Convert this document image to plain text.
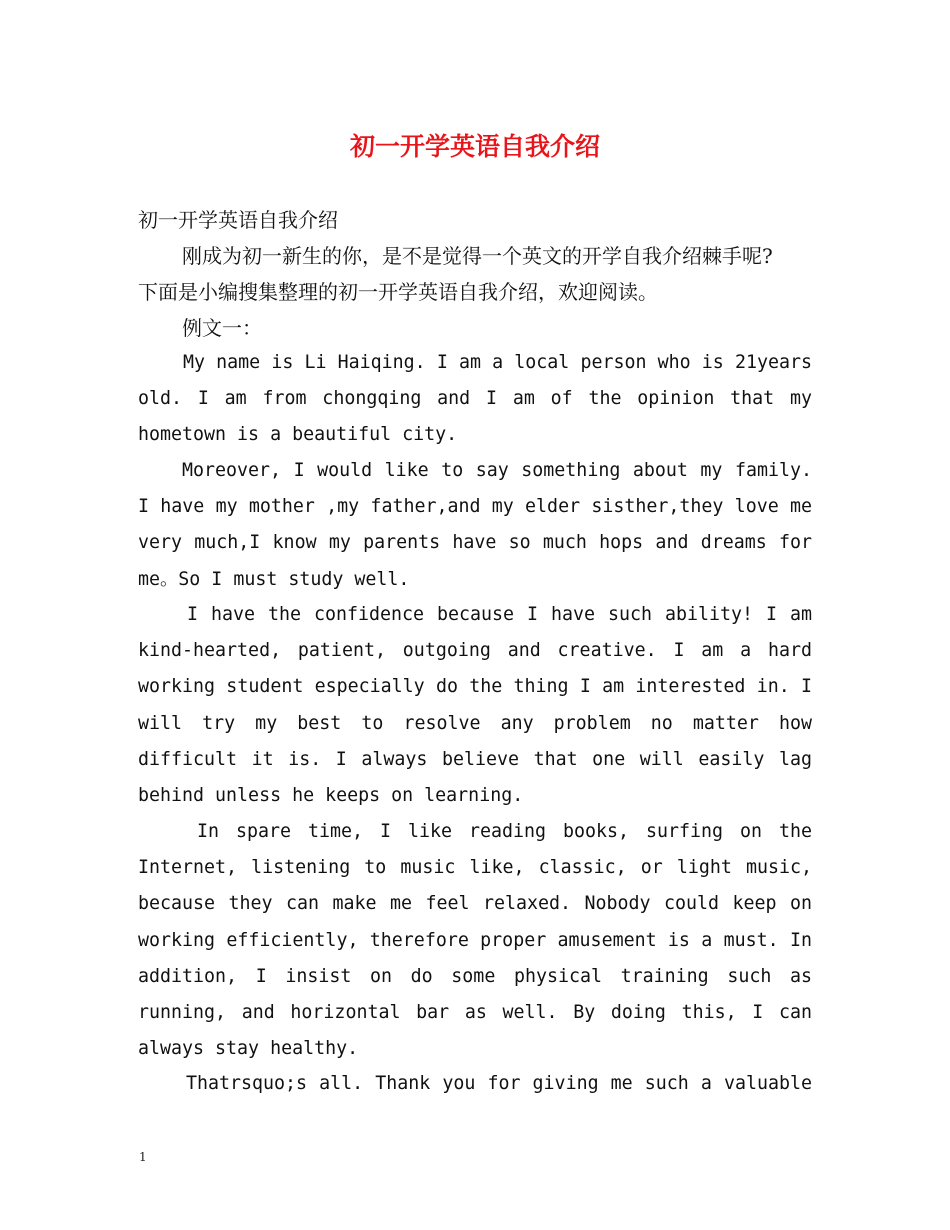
初一开学英语自我介绍
初一开学英语自我介绍
刚成为初一新生的你，是不是觉得一个英文的开学自我介绍棘手呢?
下面是小编搜集整理的初一开学英语自我介绍，欢迎阅读。
例文一：

My name is Li Haiqing. I am a local person who is 21years old. I am from chongqing and I am of the opinion that my hometown is a beautiful city.

Moreover, I would like to say something about my family. I have my mother ,my father,and my elder sisther,they love me very much,I know my parents have so much hops and dreams for me。So I must study well.

I have the confidence because I have such ability! I am kind-hearted, patient, outgoing and creative. I am a hard working student especially do the thing I am interested in. I will try my best to resolve any problem no matter how difficult it is. I always believe that one will easily lag behind unless he keeps on learning.

In spare time, I like reading books, surfing on the Internet, listening to music like, classic, or light music, because they can make me feel relaxed. Nobody could keep on working efficiently, therefore proper amusement is a must. In addition, I insist on do some physical training such as running, and horizontal bar as well. By doing this, I can always stay healthy.

Thatrsquo;s all. Thank you for giving me such a valuable

1
